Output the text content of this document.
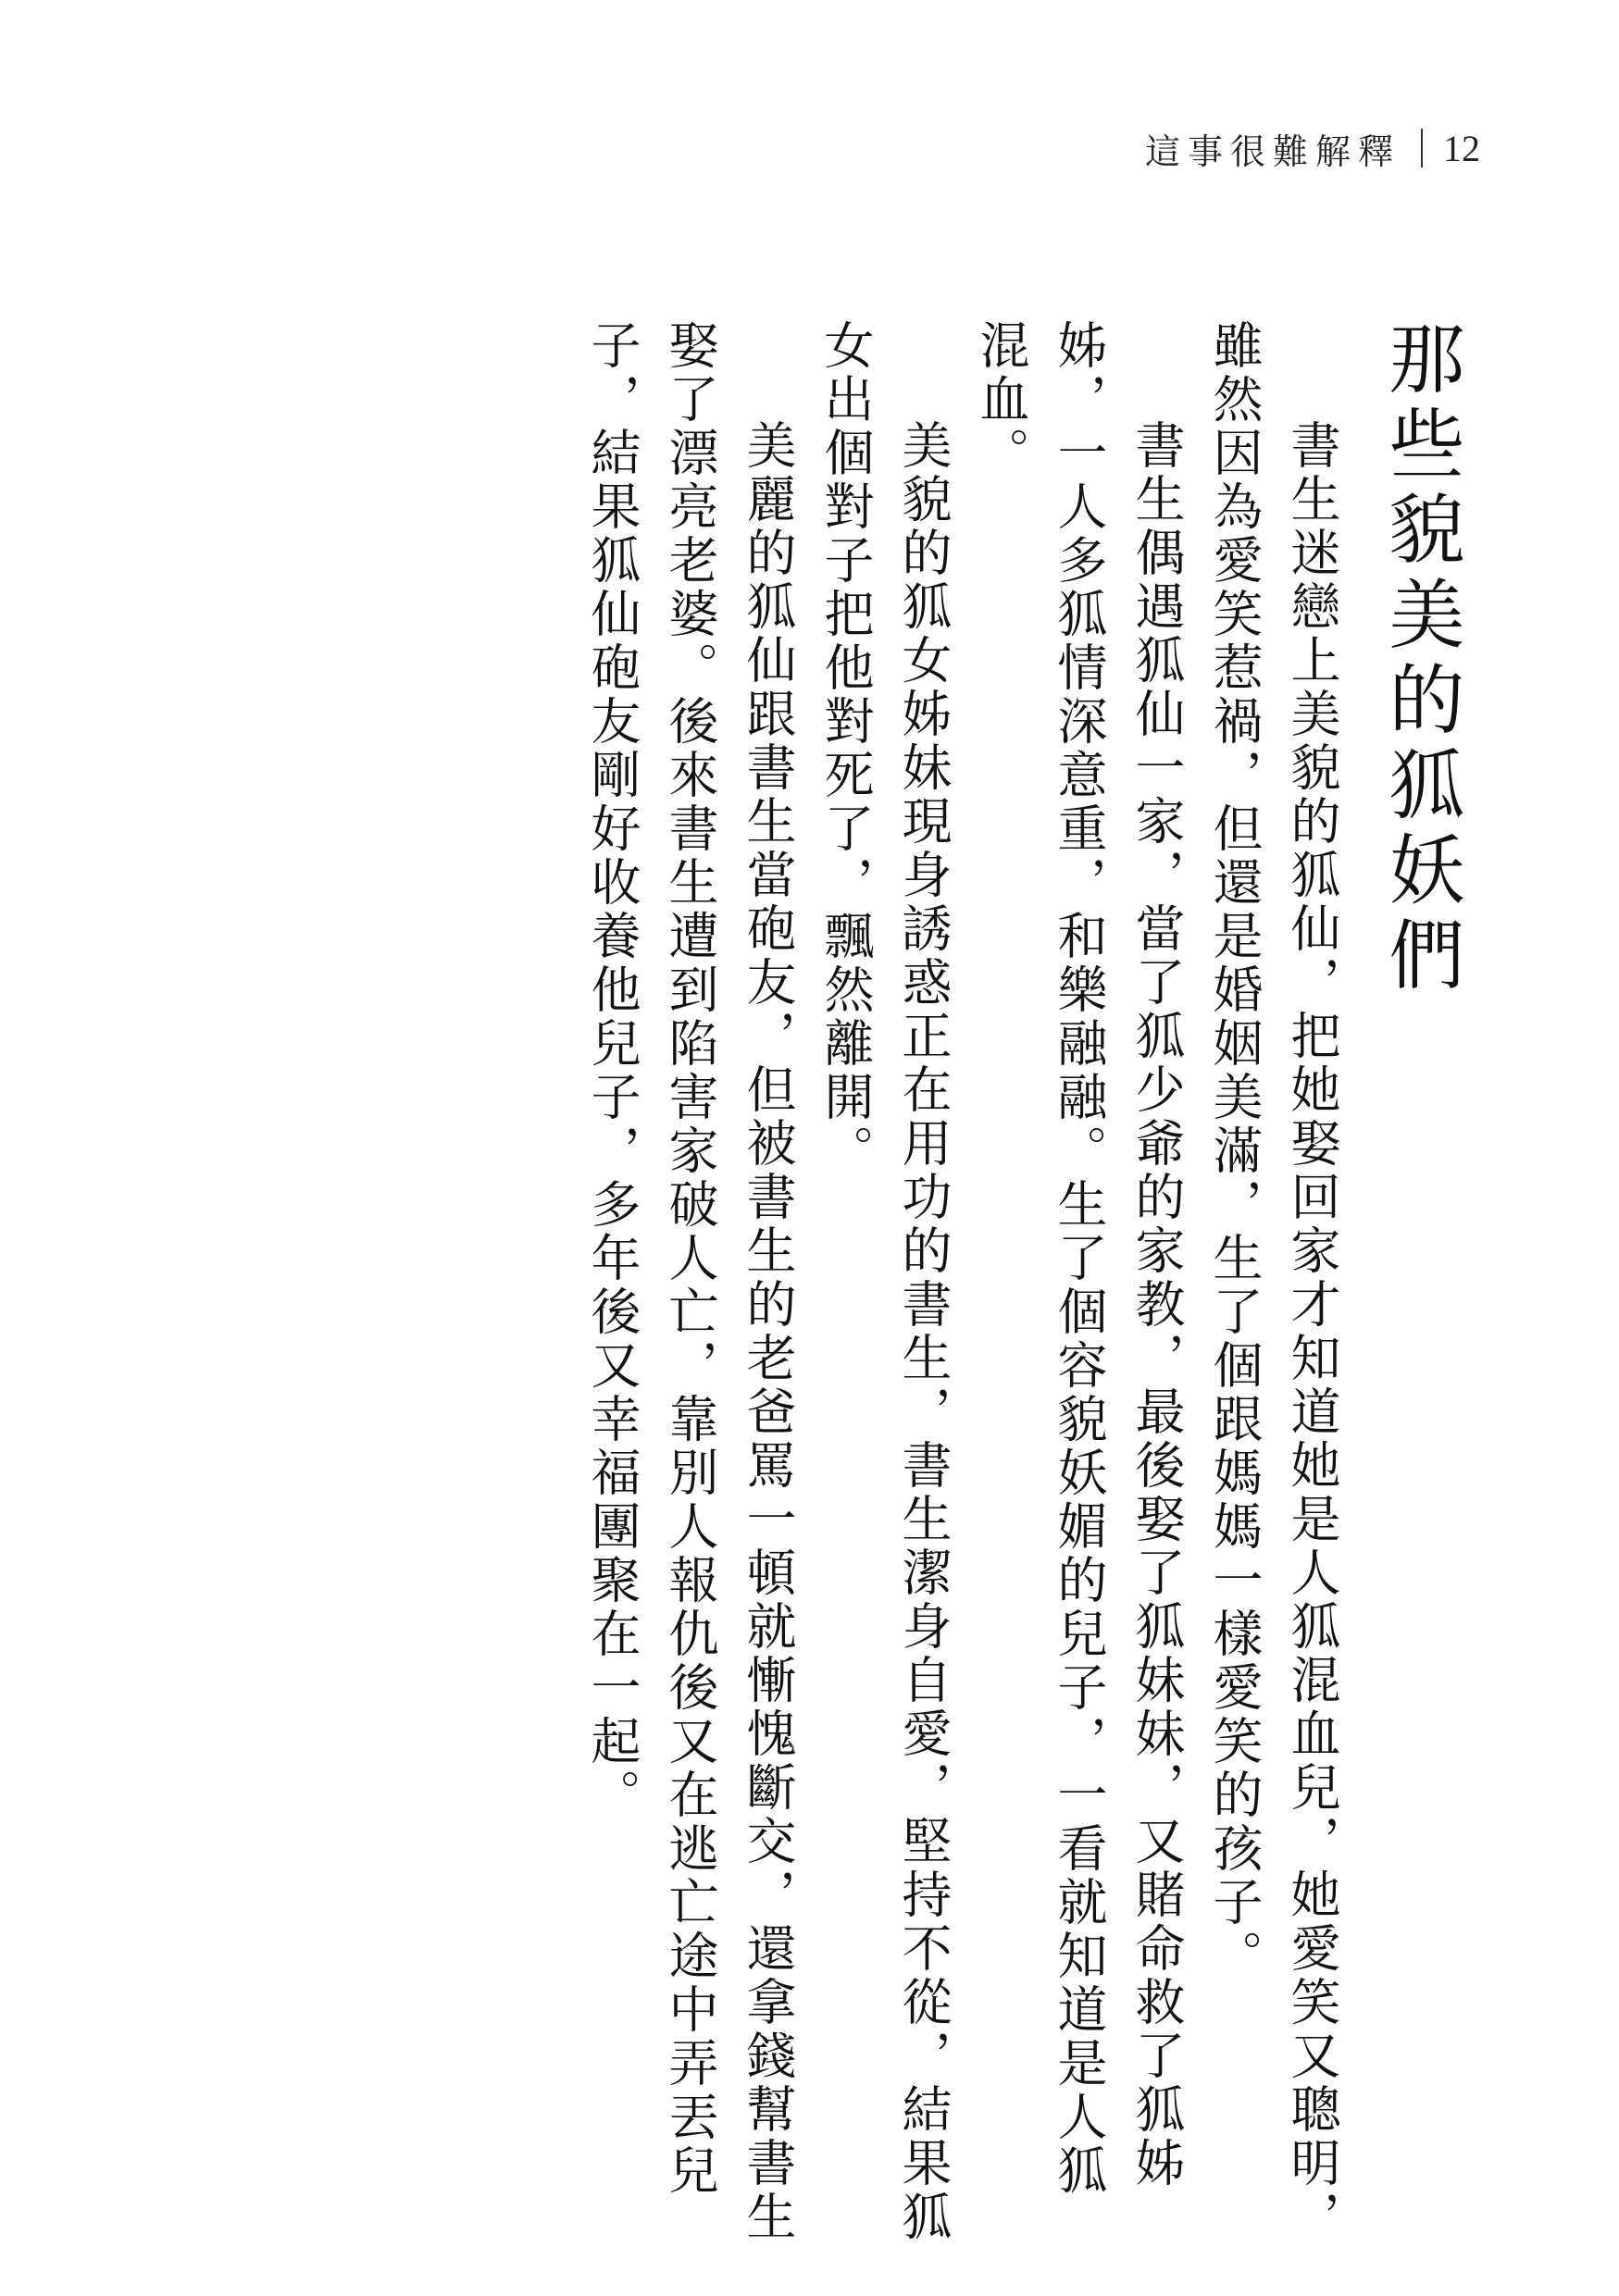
這事很難解釋 12
那些貌美的狐妖們

書生迷戀上美貌的狐仙，把她娶回家才知道她是人狐混血兒，她愛笑又聰明，雖然因為愛笑惹禍，但還是婚姻美滿，生了個跟媽媽一樣愛笑的孩子。

書生偶遇狐仙一家，當了狐少爺的家教，最後娶了狐妹妹，又賭命救了狐姊姊，一人多狐情深意重，和樂融融。生了個容貌妖媚的兒子，一看就知道是人狐混血。

美貌的狐女姊妹現身誘惑正在用功的書生，書生潔身自愛，堅持不從，結果狐女出個對子把他對死了，飄然離開。

美麗的狐仙跟書生當砲友，但被書生的老爸罵一頓就慚愧斷交，還拿錢幫書生娶了漂亮老婆。後來書生遭到陷害家破人亡，靠別人報仇後又在逃亡途中弄丟兒子，結果狐仙砲友剛好收養他兒子，多年後又幸福團聚在一起。
